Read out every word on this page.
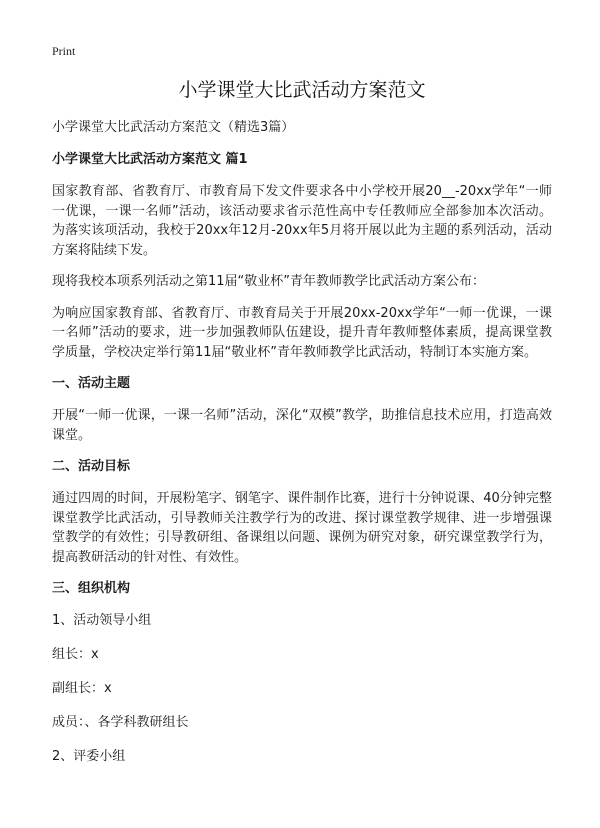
Print
小学课堂大比武活动方案范文
小学课堂大比武活动方案范文（精选3篇）
小学课堂大比武活动方案范文 篇1

国家教育部、省教育厅、市教育局下发文件要求各中小学校开展20__-20xx学年“一师一优课，一课一名师”活动，该活动要求省示范性高中专任教师应全部参加本次活动。为落实该项活动，我校于20xx年12月-20xx年5月将开展以此为主题的系列活动，活动方案将陆续下发。

现将我校本项系列活动之第11届“敬业杯”青年教师教学比武活动方案公布：

为响应国家教育部、省教育厅、市教育局关于开展20xx-20xx学年“一师一优课，一课一名师”活动的要求，进一步加强教师队伍建设，提升青年教师整体素质，提高课堂教学质量，学校决定举行第11届“敬业杯”青年教师教学比武活动，特制订本实施方案。

一、活动主题

开展“一师一优课，一课一名师”活动，深化“双模”教学，助推信息技术应用，打造高效课堂。

二、活动目标

通过四周的时间，开展粉笔字、钢笔字、课件制作比赛，进行十分钟说课、40分钟完整课堂教学比武活动，引导教师关注教学行为的改进、探讨课堂教学规律、进一步增强课堂教学的有效性；引导教研组、备课组以问题、课例为研究对象，研究课堂教学行为，提高教研活动的针对性、有效性。

三、组织机构
1、活动领导小组
组长：x
副组长：x
成员：、各学科教研组长
2、评委小组
